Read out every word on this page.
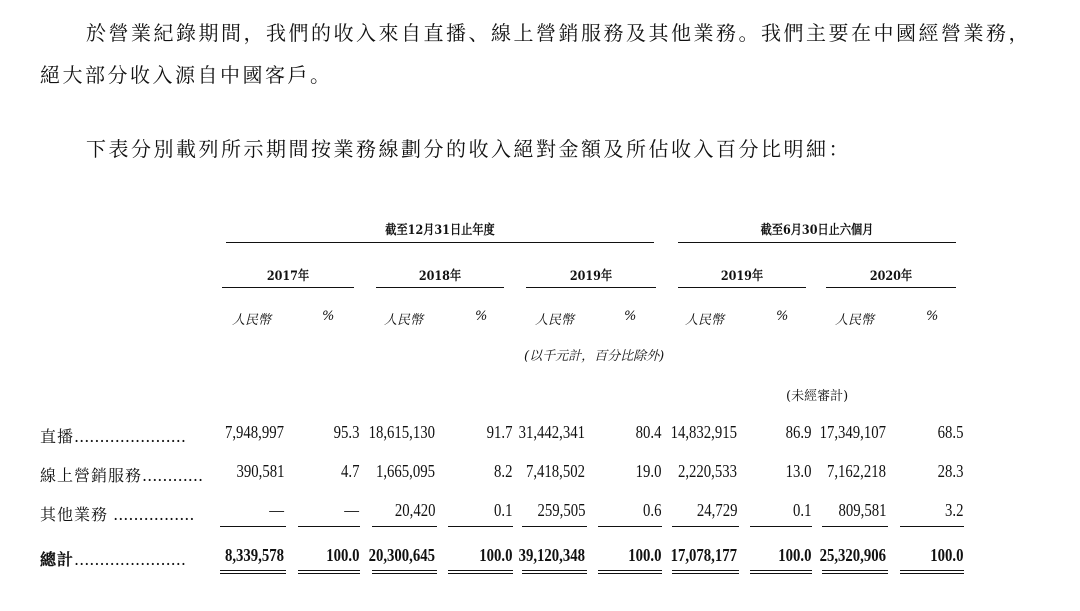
於營業紀錄期間，我們的收入來自直播、線上營銷服務及其他業務。我們主要在中國經營業務，絕大部分收入源自中國客戶。

下表分別載列所示期間按業務線劃分的收入絕對金額及所佔收入百分比明細：

截至12月31日止年度	截至6月30日止六個月
2017年	2018年	2019年	2019年	2020年
人民幣	%	人民幣	%	人民幣	%	人民幣	%	人民幣	%
(以千元計，百分比除外)
(未經審計)
直播...................... 7,948,997	95.3 18,615,130	91.7 31,442,341	80.4 14,832,915	86.9 17,349,107	68.5
線上營銷服務............ 390,581	4.7 1,665,095	8.2 7,418,502	19.0 2,220,533	13.0 7,162,218	28.3
其他業務 ................	—	— 20,420	0.1 259,505	0.6 24,729	0.1 809,581	3.2
總計...................... 8,339,578 100.0 20,300,645 100.0 39,120,348 100.0 17,078,177 100.0 25,320,906 100.0
